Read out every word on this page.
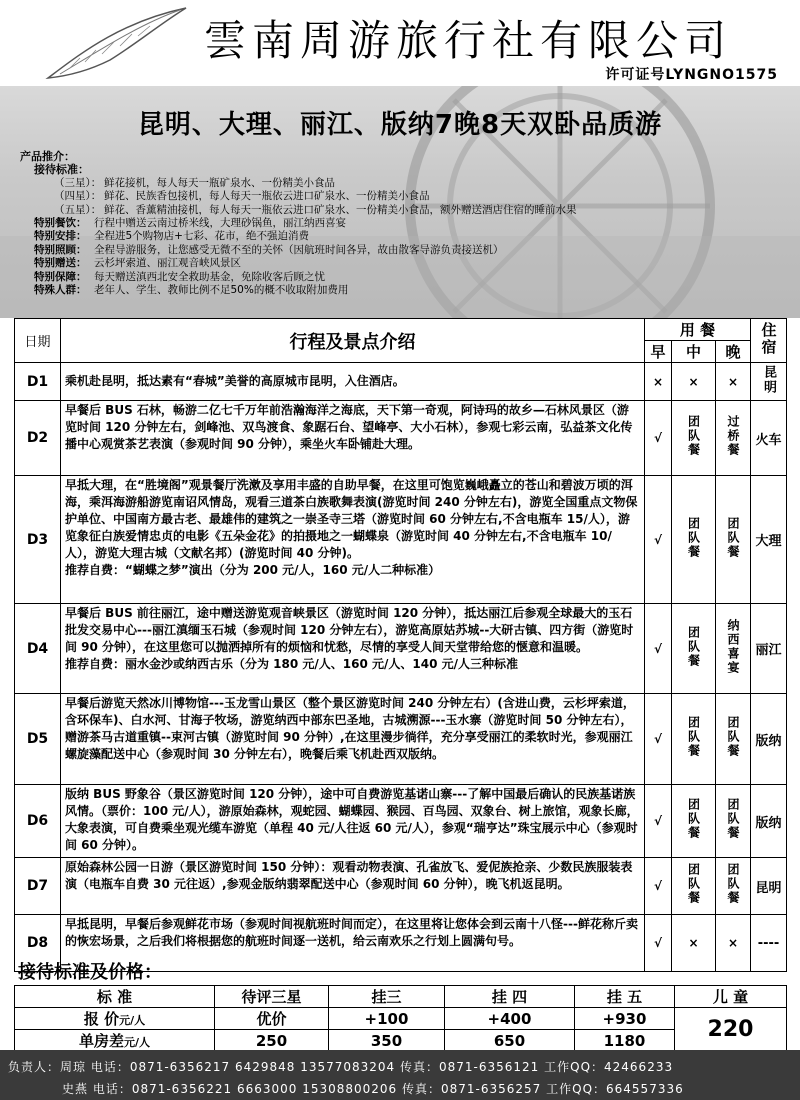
雲南周游旅行社有限公司
许可证号LYNGNO1575
昆明、大理、丽江、版纳7晚8天双卧品质游
产品推介：
接待标准：
（三星）： 鲜花接机，每人每天一瓶矿泉水、一份精美小食品
（四星）： 鲜花、民族香包接机，每人每天一瓶依云进口矿泉水、一份精美小食品
（五星）： 鲜花、香薰精油接机，每人每天一瓶依云进口矿泉水、一份精美小食品，额外赠送酒店住宿的睡前水果
特别餐饮： 行程中赠送云南过桥米线，大理砂锅鱼，丽江纳西喜宴
特别安排： 全程进5个购物店+七彩、花市，绝不强迫消费
特别照顾： 全程导游服务，让您感受无微不至的关怀（因航班时间各异，故由散客导游负责接送机）
特别赠送： 云杉坪索道、丽江观音峡风景区
特别保障： 每天赠送滇西北安全救助基金，免除收客后顾之忧
特殊人群： 老年人、学生、教师比例不足50%的概不收取附加费用
日期	行程及景点介绍	用 餐			住宿
		早	中	晚	
D1	乘机赴昆明，抵达素有“春城”美誉的高原城市昆明，入住酒店。	×	×	×	昆明
D2	早餐后 BUS 石林，畅游二亿七千万年前浩瀚海洋之海底，天下第一奇观，阿诗玛的故乡—石林风景区（游览时间 120 分钟左右，剑峰池、双鸟渡食、象踞石台、望峰亭、大小石林），参观七彩云南，弘益茶文化传播中心观赏茶艺表演（参观时间 90 分钟），乘坐火车卧铺赴大理。	√	团队餐	过桥餐	火车
D3	早抵大理，在“胜境阁”观景餐厅洗漱及享用丰盛的自助早餐，在这里可饱览巍峨矗立的苍山和碧波万顷的洱海，乘洱海游船游览南诏风情岛，观看三道茶白族歌舞表演(游览时间 240 分钟左右)，游览全国重点文物保护单位、中国南方最古老、最雄伟的建筑之一崇圣寺三塔（游览时间 60 分钟左右,不含电瓶车 15/人），游览象征白族爱情忠贞的电影《五朵金花》的拍摄地之一蝴蝶泉（游览时间 40 分钟左右,不含电瓶车 10/人），游览大理古城（文献名邦）(游览时间 40 分钟)。

推荐自费：“蝴蝶之梦”演出（分为 200 元/人，160 元/人二种标准）	√	团队餐	团队餐	大理
D4	早餐后 BUS 前往丽江，途中赠送游览观音峡景区（游览时间 120 分钟），抵达丽江后参观全球最大的玉石批发交易中心---丽江滇缅玉石城（参观时间 120 分钟左右），游览高原姑苏城--大研古镇、四方街（游览时间 90 分钟），在这里您可以抛洒掉所有的烦恼和忧愁，尽情的享受人间天堂带给您的惬意和温暖。

推荐自费：丽水金沙或纳西古乐（分为 180 元/人、160 元/人、140 元/人三种标准	√	团队餐	纳西喜宴	丽江
D5	早餐后游览天然冰川博物馆---玉龙雪山景区（整个景区游览时间 240 分钟左右）(含进山费，云杉坪索道，含环保车)、白水河、甘海子牧场，游览纳西中部东巴圣地，古城溯源---玉水寨（游览时间 50 分钟左右），赠游茶马古道重镇--束河古镇（游览时间 90 分钟）,在这里漫步徜徉，充分享受丽江的柔软时光，参观丽江螺旋藻配送中心（参观时间 30 分钟左右），晚餐后乘飞机赴西双版纳。	√	团队餐	团队餐	版纳
D6	版纳 BUS 野象谷（景区游览时间 120 分钟），途中可自费游览基诺山寨---了解中国最后确认的民族基诺族风情。（票价：100 元/人），游原始森林，观蛇园、蝴蝶园、猴园、百鸟园、双象台、树上旅馆，观象长廊，大象表演，可自费乘坐观光缆车游览（单程 40 元/人往返 60 元/人），参观“瑞亨达”珠宝展示中心（参观时间 60 分钟）。	√	团队餐	团队餐	版纳
D7	原始森林公园一日游（景区游览时间 150 分钟）：观看动物表演、孔雀放飞、爱伲族抢亲、少数民族服装表演（电瓶车自费 30 元往返）,参观金版纳翡翠配送中心（参观时间 60 分钟），晚飞机返昆明。	√	团队餐	团队餐	昆明
D8	早抵昆明，早餐后参观鲜花市场（参观时间视航班时间而定），在这里将让您体会到云南十八怪---鲜花称斤卖的恢宏场景，之后我们将根据您的航班时间逐一送机，给云南欢乐之行划上圆满句号。	√	×	×	----
接待标准及价格：
标 准	待评三星	挂三	挂 四	挂 五	儿 童
报 价元/人	优价	+100	+400	+930	220
单房差元/人	250	350	650	1180	
负责人：周琼 电话：0871-6356217 6429848 13577083204 传真：0871-6356121 工作QQ：42466233
史燕 电话：0871-6356221 6663000 15308800206 传真：0871-6356257 工作QQ：664557336
